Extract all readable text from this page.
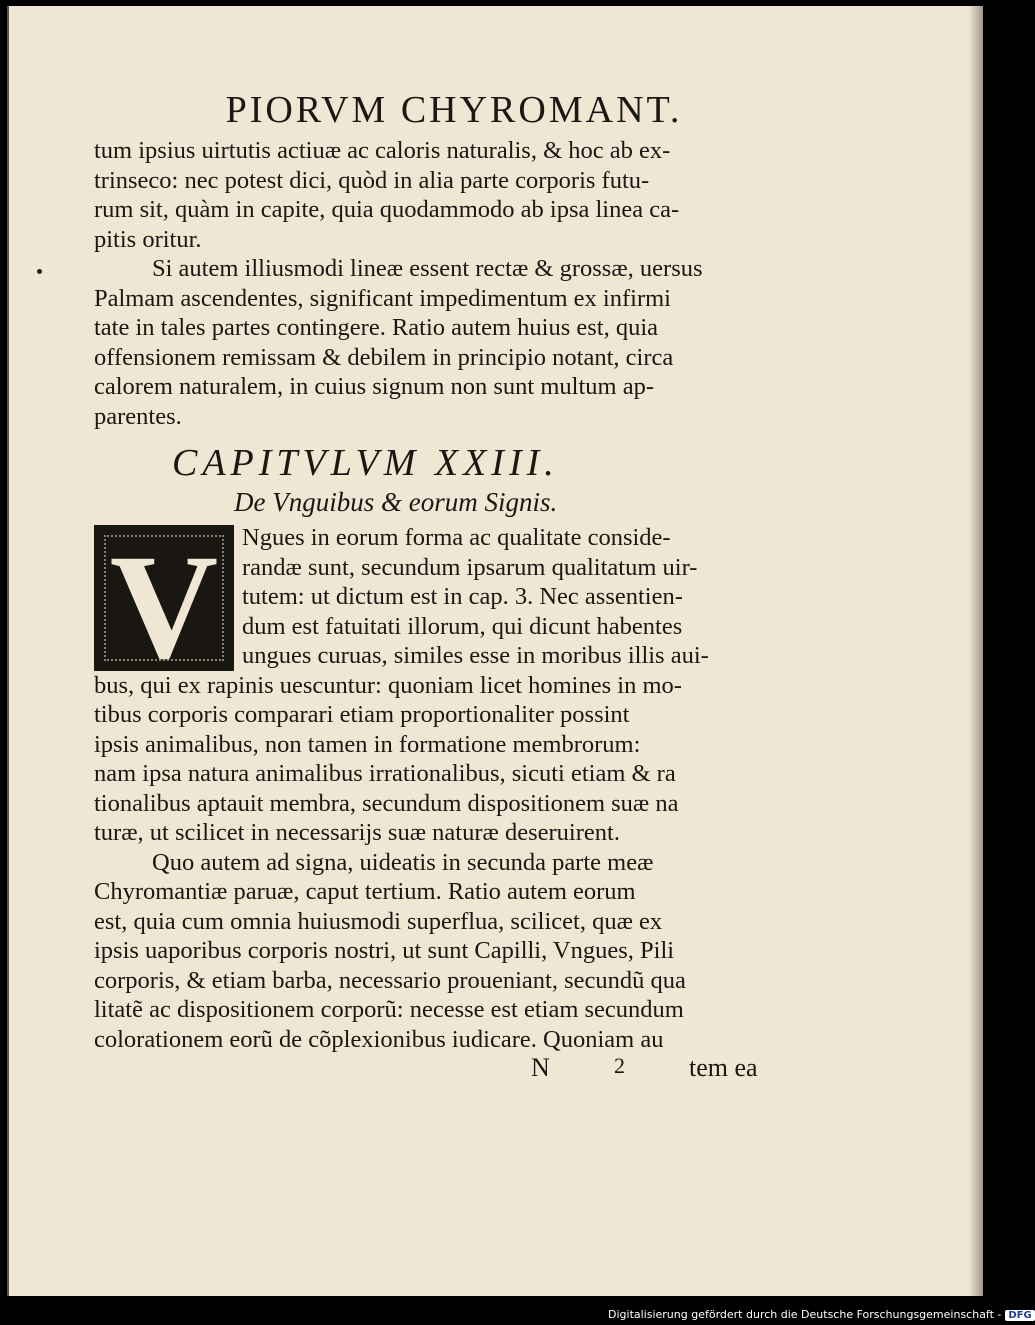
PIORVM CHYROMANT.
tum ipsius uirtutis actiuæ ac caloris naturalis, & hoc ab ex-
trinseco: nec potest dici, quòd in alia parte corporis futu-
rum sit, quàm in capite, quia quodammodo ab ipsa linea ca-
pitis oritur.
Si autem illiusmodi lineæ essent rectæ & grossæ, uersus
Palmam ascendentes, significant impedimentum ex infirmi
tate in tales partes contingere. Ratio autem huius est, quia
offensionem remissam & debilem in principio notant, circa
calorem naturalem, in cuius signum non sunt multum ap-
parentes.
CAPITVLVM XXIII.
De Vnguibus & eorum Signis.
V Ngues in eorum forma ac qualitate conside-
randæ sunt, secundum ipsarum qualitatum uir-
tutem: ut dictum est in cap. 3. Nec assentien-
dum est fatuitati illorum, qui dicunt habentes
ungues curuas, similes esse in moribus illis aui-
bus, qui ex rapinis uescuntur: quoniam licet homines in mo-
tibus corporis comparari etiam proportionaliter possint
ipsis animalibus, non tamen in formatione membrorum:
nam ipsa natura animalibus irrationalibus, sicuti etiam & ra
tionalibus aptauit membra, secundum dispositionem suæ na
turæ, ut scilicet in necessarijs suæ naturæ deseruirent.
Quo autem ad signa, uideatis in secunda parte meæ
Chyromantiæ paruæ, caput tertium. Ratio autem eorum
est, quia cum omnia huiusmodi superflua, scilicet, quæ ex
ipsis uaporibus corporis nostri, ut sunt Capilli, Vngues, Pili
corporis, & etiam barba, necessario proueniant, secundũ qua
litatẽ ac dispositionem corporũ: necesse est etiam secundum
colorationem eorũ de cõplexionibus iudicare. Quoniam au
N	2 tem ea
Digitalisierung gefördert durch die Deutsche Forschungsgemeinschaft - DFG
